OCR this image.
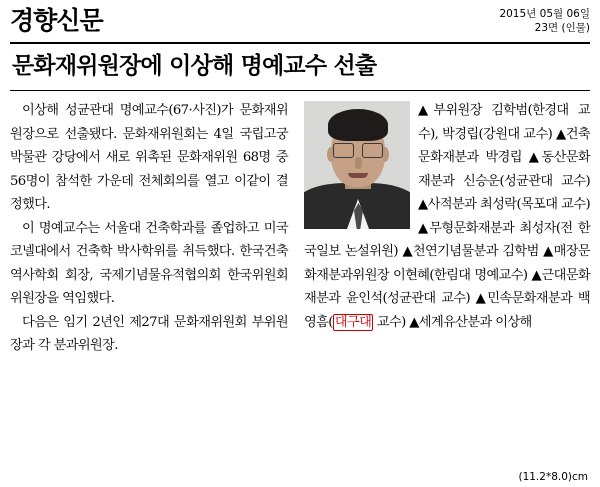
경향신문	2015년 05월 06일
23면 (인물)
문화재위원장에 이상해 명예교수 선출

이상해 성균관대 명예교수(67·사진)가 문화재위원장으로 선출됐다. 문화재위원회는 4일 국립고궁박물관 강당에서 새로 위촉된 문화재위원 68명 중 56명이 참석한 가운데 전체회의를 열고 이같이 결정했다.

이 명예교수는 서울대 건축학과를 졸업하고 미국 코넬대에서 건축학 박사학위를 취득했다. 한국건축역사학회 회장, 국제기념물유적협의회 한국위원회 위원장을 역임했다.

다음은 임기 2년인 제27대 문화재위원회 부위원장과 각 분과위원장.

▲부위원장 김학범(한경대 교수), 박경립(강원대 교수) ▲건축문화재분과 박경립 ▲동산문화재분과 신승운(성균관대 교수) ▲사적분과 최성락(목포대 교수) ▲무형문화재분과 최성자(전 한국일보 논설위원) ▲천연기념물분과 김학범 ▲매장문화재분과위원장 이현혜(한림대 명예교수) ▲근대문화재분과 윤인석(성균관대 교수) ▲민속문화재분과 백영흠( 대구대 교수) ▲세계유산분과 이상해
(11.2*8.0)cm
